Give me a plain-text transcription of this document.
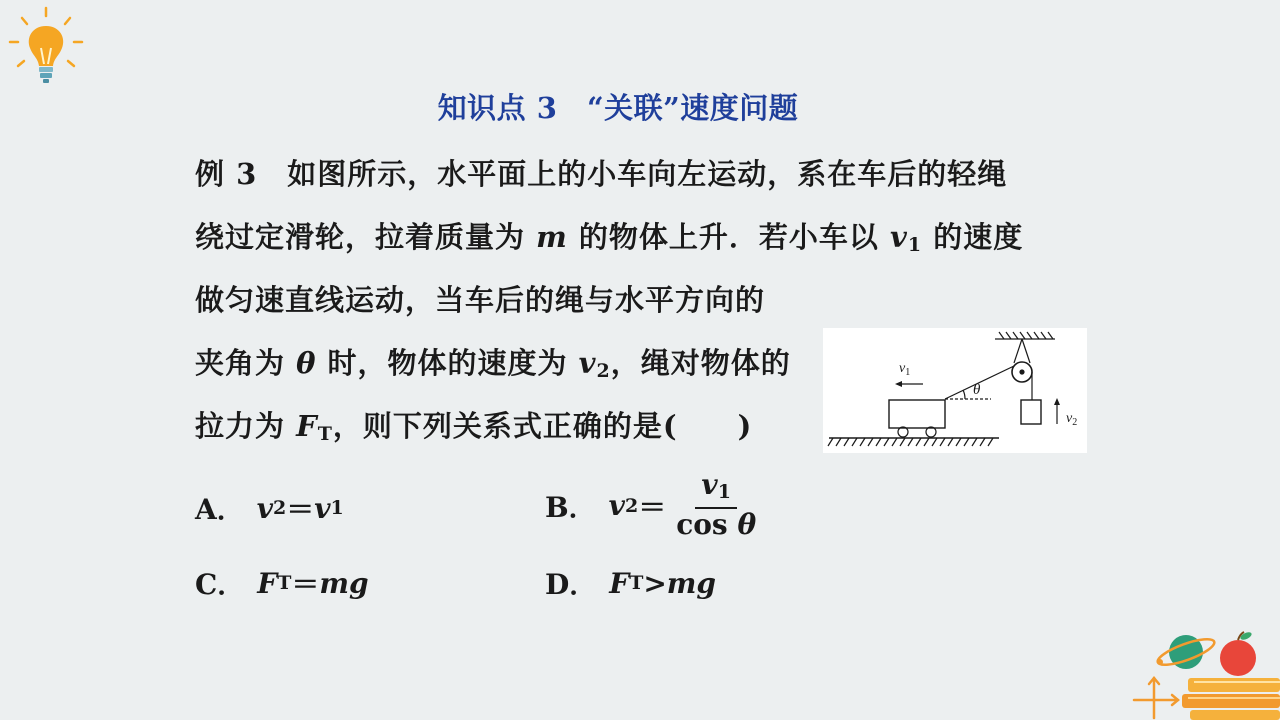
知识点 3　“关联”速度问题
例 3　 如图所示，水平面上的小车向左运动，系在车后的轻绳
绕过定滑轮，拉着质量为 m 的物体上升．若小车以 $v_1$ 的速度
做匀速直线运动，当车后的绳与水平方向的
夹角为 θ 时，物体的速度为 $v_2$，绳对物体的
拉力为 $F_T$，则下列关系式正确的是(　　)
$v_1$
θ
$v_2$
A． v 2 ＝ v 1	B． v $2 = \frac{v_1}{\text{cos θ}}$
C． F T ＝ mg	D． F T > mg
